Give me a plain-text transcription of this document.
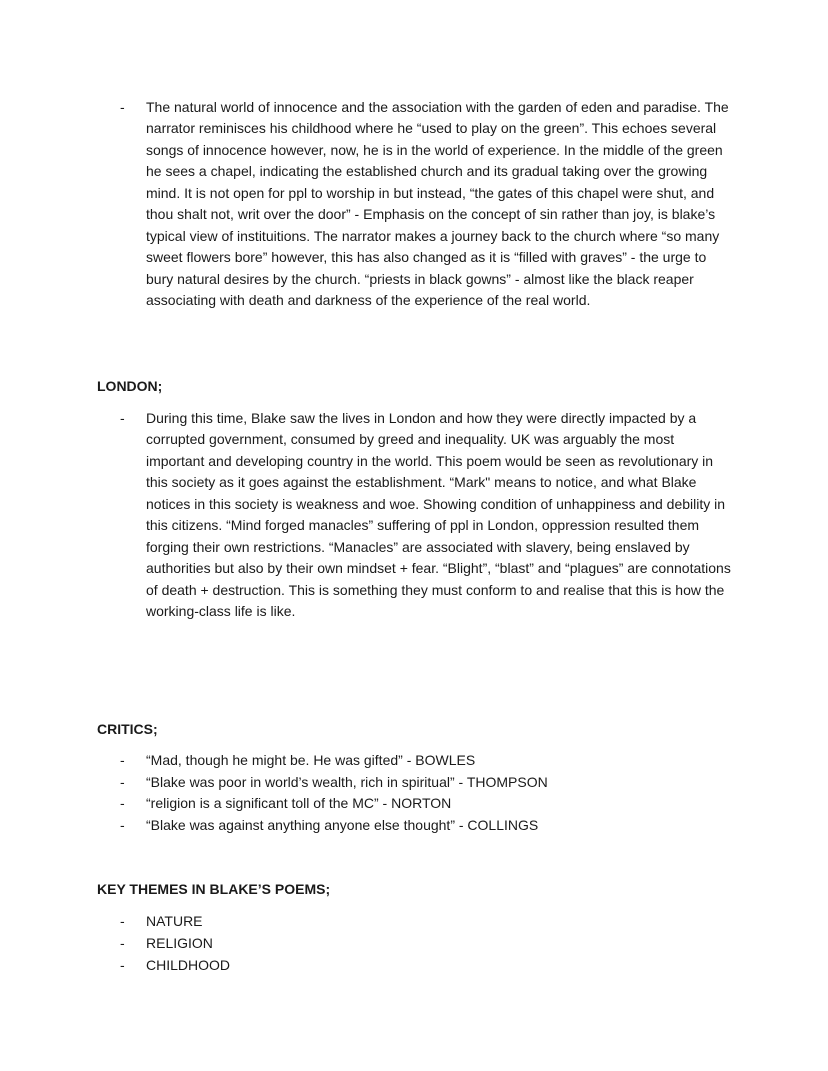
- The natural world of innocence and the association with the garden of eden and paradise. The narrator reminisces his childhood where he “used to play on the green”. This echoes several songs of innocence however, now, he is in the world of experience. In the middle of the green he sees a chapel, indicating the established church and its gradual taking over the growing mind. It is not open for ppl to worship in but instead, “the gates of this chapel were shut, and thou shalt not, writ over the door” - Emphasis on the concept of sin rather than joy, is blake’s typical view of instituitions. The narrator makes a journey back to the church where “so many sweet flowers bore” however, this has also changed as it is “filled with graves” - the urge to bury natural desires by the church. “priests in black gowns” - almost like the black reaper associating with death and darkness of the experience of the real world.
LONDON;
- During this time, Blake saw the lives in London and how they were directly impacted by a corrupted government, consumed by greed and inequality. UK was arguably the most important and developing country in the world. This poem would be seen as revolutionary in this society as it goes against the establishment. “Mark" means to notice, and what Blake notices in this society is weakness and woe. Showing condition of unhappiness and debility in this citizens. “Mind forged manacles” suffering of ppl in London, oppression resulted them forging their own restrictions. “Manacles” are associated with slavery, being enslaved by authorities but also by their own mindset + fear. “Blight”, “blast” and “plagues” are connotations of death + destruction. This is something they must conform to and realise that this is how the working-class life is like.
CRITICS;
- “Mad, though he might be. He was gifted” - BOWLES
- “Blake was poor in world’s wealth, rich in spiritual” - THOMPSON
- “religion is a significant toll of the MC” - NORTON
- “Blake was against anything anyone else thought” - COLLINGS
KEY THEMES IN BLAKE’S POEMS;
- NATURE
- RELIGION
- CHILDHOOD
